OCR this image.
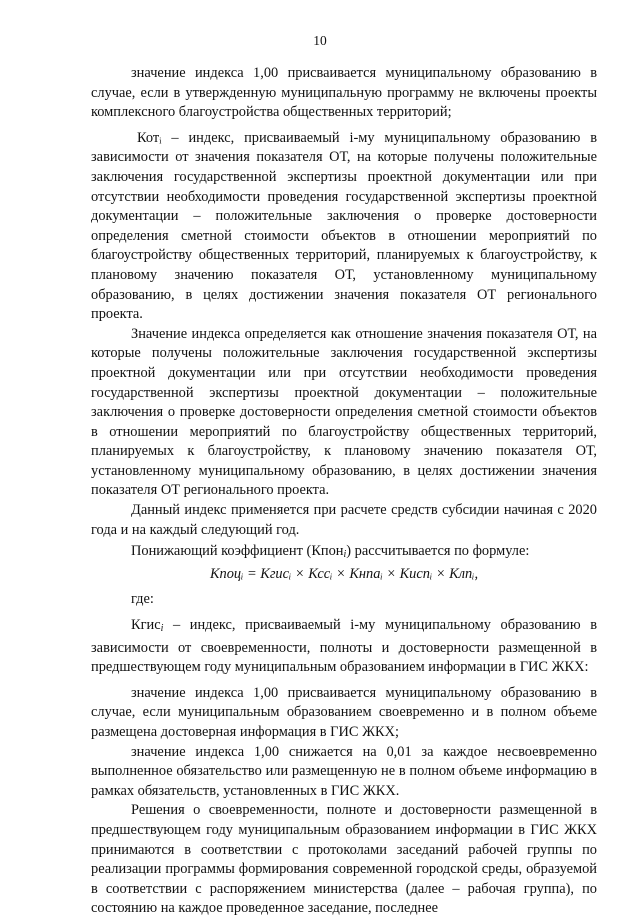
10

значение индекса 1,00 присваивается муниципальному образованию в случае, если в утвержденную муниципальную программу не включены проекты комплексного благоустройства общественных территорий;

Котᵢ – индекс, присваиваемый i-му муниципальному образованию в зависимости от значения показателя ОТ, на которые получены положительные заключения государственной экспертизы проектной документации или при отсутствии необходимости проведения государственной экспертизы проектной документации – положительные заключения о проверке достоверности определения сметной стоимости объектов в отношении мероприятий по благоустройству общественных территорий, планируемых к благоустройству, к плановому значению показателя ОТ, установленному муниципальному образованию, в целях достижении значения показателя ОТ регионального проекта.

Значение индекса определяется как отношение значения показателя ОТ, на которые получены положительные заключения государственной экспертизы проектной документации или при отсутствии необходимости проведения государственной экспертизы проектной документации – положительные заключения о проверке достоверности определения сметной стоимости объектов в отношении мероприятий по благоустройству общественных территорий, планируемых к благоустройству, к плановому значению показателя ОТ, установленному муниципальному образованию, в целях достижении значения показателя ОТ регионального проекта.

Данный индекс применяется при расчете средств субсидии начиная с 2020 года и на каждый следующий год.

Понижающий коэффициент (Кпон$_i$) рассчитывается по формуле:

Кпоцᵢ = Кгисᵢ × Кссᵢ × Кнпаᵢ × Киспᵢ × Клпᵢ,

где:

Кгис$_i$ – индекс, присваиваемый i-му муниципальному образованию в зависимости от своевременности, полноты и достоверности размещенной в предшествующем году муниципальным образованием информации в ГИС ЖКХ:

значение индекса 1,00 присваивается муниципальному образованию в случае, если муниципальным образованием своевременно и в полном объеме размещена достоверная информация в ГИС ЖКХ;

значение индекса 1,00 снижается на 0,01 за каждое несвоевременно выполненное обязательство или размещенную не в полном объеме информацию в рамках обязательств, установленных в ГИС ЖКХ.

Решения о своевременности, полноте и достоверности размещенной в предшествующем году муниципальным образованием информации в ГИС ЖКХ принимаются в соответствии с протоколами заседаний рабочей группы по реализации программы формирования современной городской среды, образуемой в соответствии с распоряжением министерства (далее – рабочая группа), по состоянию на каждое проведенное заседание, последнее
